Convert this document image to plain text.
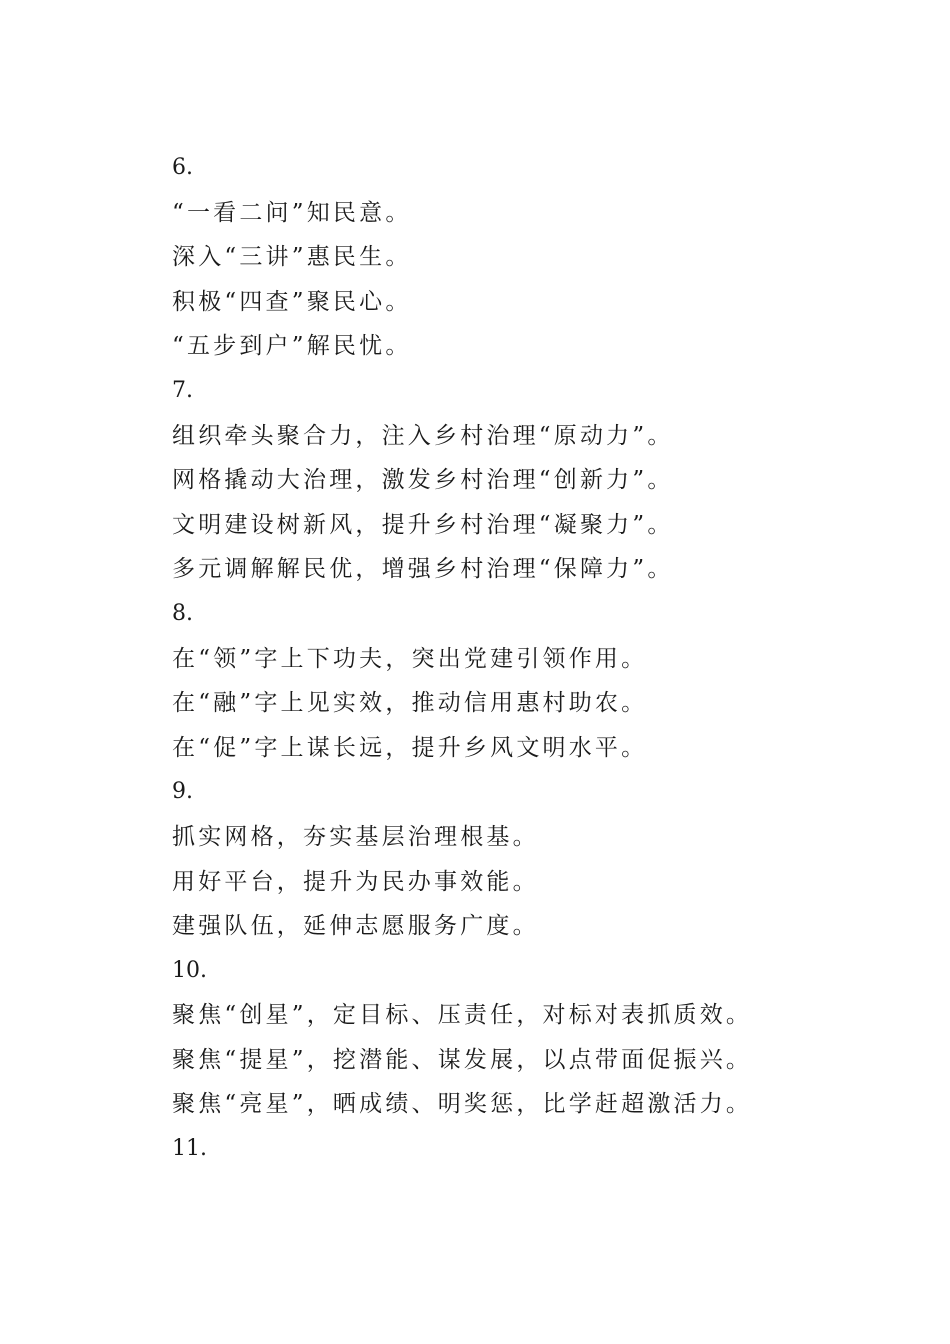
6.
“一看二问”知民意。
深入“三讲”惠民生。
积极“四查”聚民心。
“五步到户”解民忧。
7.
组织牵头聚合力，注入乡村治理“原动力”。
网格撬动大治理，激发乡村治理“创新力”。
文明建设树新风，提升乡村治理“凝聚力”。
多元调解解民优，增强乡村治理“保障力”。
8.
在“领”字上下功夫，突出党建引领作用。
在“融”字上见实效，推动信用惠村助农。
在“促”字上谋长远，提升乡风文明水平。
9.
抓实网格，夯实基层治理根基。
用好平台，提升为民办事效能。
建强队伍，延伸志愿服务广度。
10.
聚焦“创星”，定目标、压责任，对标对表抓质效。
聚焦“提星”，挖潜能、谋发展，以点带面促振兴。
聚焦“亮星”，晒成绩、明奖惩，比学赶超激活力。
11.
